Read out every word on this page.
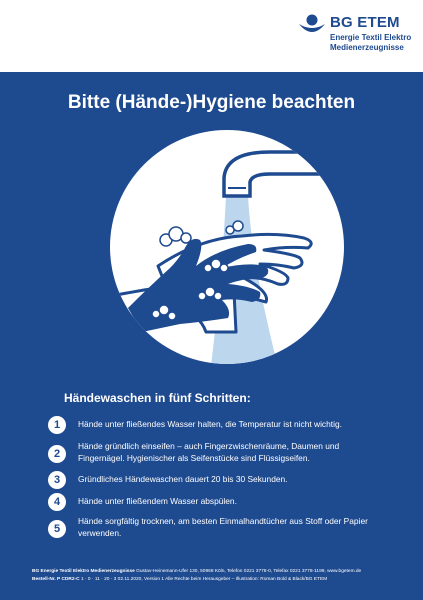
BG ETEM
Energie Textil Elektro
Medienerzeugnisse
Bitte (Hände-)Hygiene beachten
Händewaschen in fünf Schritten:
1	Hände unter fließendes Wasser halten, die Temperatur ist nicht wichtig.
2
Hände gründlich einseifen – auch Fingerzwischenräume, Daumen und Fingernägel. Hygienischer als Seifenstücke sind Flüssigseifen.
3	Gründliches Händewaschen dauert 20 bis 30 Sekunden.
4	Hände unter fließendem Wasser abspülen.
5
Hände sorgfältig trocknen, am besten Einmalhandtücher aus Stoff oder Papier verwenden.
BG Energie Textil Elektro Medienerzeugnisse Gustav-Heinemann-Ufer 130, 50968 Köln, Telefon 0221 3778-0, Telefax 0221 3778-1199, www.bgetem.de
Bestell-Nr. P CDR2-C 1 · 0 · 11 · 20 · 3 02.11.2020, Version 1 Alle Rechte beim Herausgeber – Illustration: Roman Bold & Black/BG ETEM
